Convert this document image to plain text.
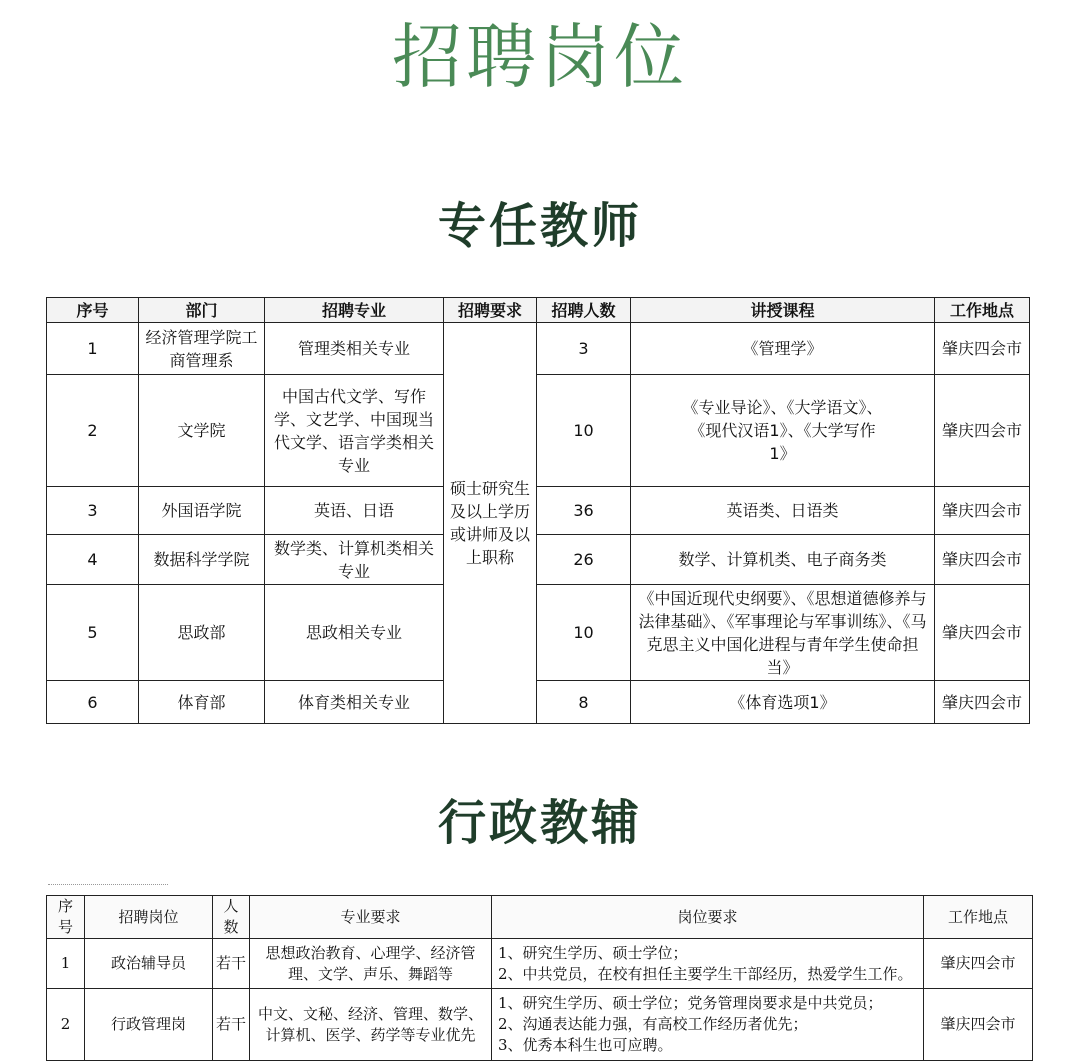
招聘岗位
专任教师
序号	部门	招聘专业	招聘要求	招聘人数	讲授课程	工作地点
1	经济管理学院工商管理系	管理类相关专业	硕士研究生及以上学历或讲师及以上职称	3	《管理学》	肇庆四会市
2	文学院	中国古代文学、写作学、文艺学、中国现当代文学、语言学类相关专业		10	《专业导论》、《大学语文》、《现代汉语1》、《大学写作1》	肇庆四会市
3	外国语学院	英语、日语		36	英语类、日语类	肇庆四会市
4	数据科学学院	数学类、计算机类相关专业		26	数学、计算机类、电子商务类	肇庆四会市
5	思政部	思政相关专业		10	《中国近现代史纲要》、《思想道德修养与法律基础》、《军事理论与军事训练》、《马克思主义中国化进程与青年学生使命担当》	肇庆四会市
6	体育部	体育类相关专业		8	《体育选项1》	肇庆四会市
行政教辅
序号	招聘岗位	人数	专业要求	岗位要求	工作地点
1	政治辅导员	若干	思想政治教育、心理学、经济管理、文学、声乐、舞蹈等	1、研究生学历、硕士学位；
2、中共党员，在校有担任主要学生干部经历，热爱学生工作。	肇庆四会市
2	行政管理岗	若干	中文、文秘、经济、管理、数学、计算机、医学、药学等专业优先	1、研究生学历、硕士学位；党务管理岗要求是中共党员；
2、沟通表达能力强，有高校工作经历者优先；
3、优秀本科生也可应聘。	肇庆四会市
